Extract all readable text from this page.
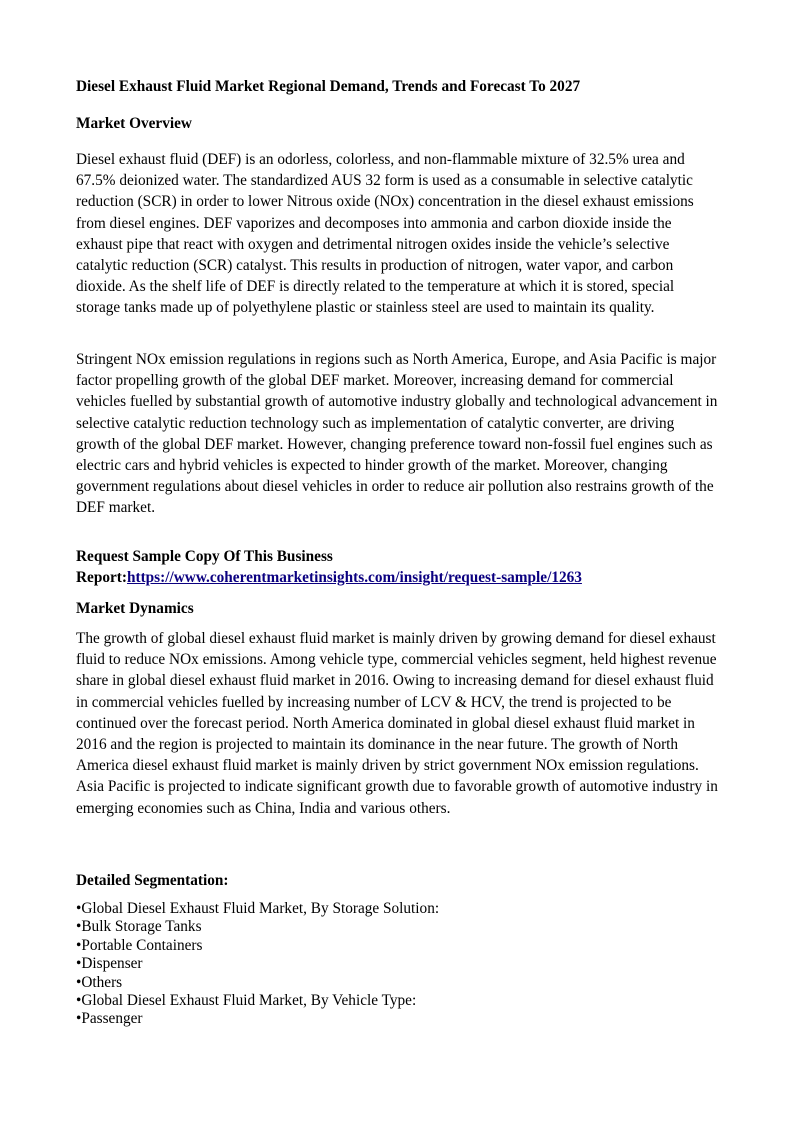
Diesel Exhaust Fluid Market Regional Demand, Trends and Forecast To 2027
Market Overview

Diesel exhaust fluid (DEF) is an odorless, colorless, and non-flammable mixture of 32.5% urea and 67.5% deionized water. The standardized AUS 32 form is used as a consumable in selective catalytic reduction (SCR) in order to lower Nitrous oxide (NOx) concentration in the diesel exhaust emissions from diesel engines. DEF vaporizes and decomposes into ammonia and carbon dioxide inside the exhaust pipe that react with oxygen and detrimental nitrogen oxides inside the vehicle’s selective catalytic reduction (SCR) catalyst. This results in production of nitrogen, water vapor, and carbon dioxide. As the shelf life of DEF is directly related to the temperature at which it is stored, special storage tanks made up of polyethylene plastic or stainless steel are used to maintain its quality.

Stringent NOx emission regulations in regions such as North America, Europe, and Asia Pacific is major factor propelling growth of the global DEF market. Moreover, increasing demand for commercial vehicles fuelled by substantial growth of automotive industry globally and technological advancement in selective catalytic reduction technology such as implementation of catalytic converter, are driving growth of the global DEF market. However, changing preference toward non-fossil fuel engines such as electric cars and hybrid vehicles is expected to hinder growth of the market. Moreover, changing government regulations about diesel vehicles in order to reduce air pollution also restrains growth of the DEF market.

Request Sample Copy Of This Business
Report:https://www.coherentmarketinsights.com/insight/request-sample/1263
Market Dynamics

The growth of global diesel exhaust fluid market is mainly driven by growing demand for diesel exhaust fluid to reduce NOx emissions. Among vehicle type, commercial vehicles segment, held highest revenue share in global diesel exhaust fluid market in 2016. Owing to increasing demand for diesel exhaust fluid in commercial vehicles fuelled by increasing number of LCV & HCV, the trend is projected to be continued over the forecast period. North America dominated in global diesel exhaust fluid market in 2016 and the region is projected to maintain its dominance in the near future. The growth of North America diesel exhaust fluid market is mainly driven by strict government NOx emission regulations. Asia Pacific is projected to indicate significant growth due to favorable growth of automotive industry in emerging economies such as China, India and various others.

Detailed Segmentation:
•Global Diesel Exhaust Fluid Market, By Storage Solution:
•Bulk Storage Tanks
•Portable Containers
•Dispenser
•Others
•Global Diesel Exhaust Fluid Market, By Vehicle Type:
•Passenger
